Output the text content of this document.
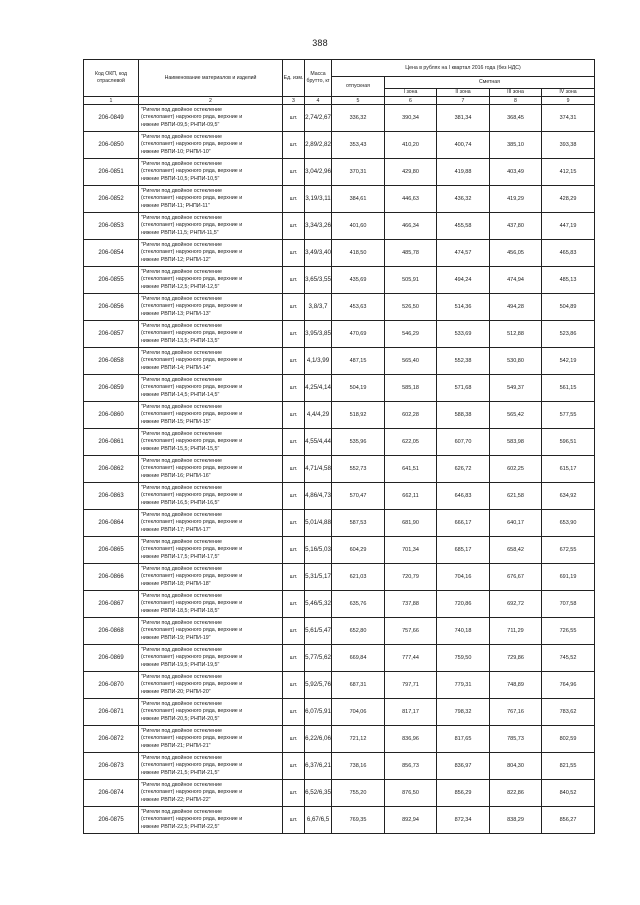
388
Код ОКП, код отраслевой	Наименование материалов и изделий	Ед. изм.	Масса брутто, кг	Цена в рублях на I квартал 2016 года (без НДС)				
				отпускная	Сметная			
					I зона	II зона	III зона	IV зона
1	2	3	4	5	6	7	8	9
206-0849	"Ригели под двойное остекление
(стеклопакет) наружного ряда, верхние и
нижние РВПИ-09,5; РНПИ-09,5"	шт.	2,74/2,67	336,32	390,34	381,34	368,45	374,31
206-0850	"Ригели под двойное остекление
(стеклопакет) наружного ряда, верхние и
нижние РВПИ-10; РНПИ-10"	шт.	2,89/2,82	353,43	410,20	400,74	385,10	393,38
206-0851	"Ригели под двойное остекление
(стеклопакет) наружного ряда, верхние и
нижние РВПИ-10,5; РНПИ-10,5"	шт.	3,04/2,96	370,31	429,80	419,88	403,49	412,15
206-0852	"Ригели под двойное остекление
(стеклопакет) наружного ряда, верхние и
нижние РВПИ-11; РНПИ-11"	шт.	3,19/3,11	384,61	446,63	436,32	419,29	428,29
206-0853	"Ригели под двойное остекление
(стеклопакет) наружного ряда, верхние и
нижние РВПИ-11,5; РНПИ-11,5"	шт.	3,34/3,26	401,60	466,34	455,58	437,80	447,19
206-0854	"Ригели под двойное остекление
(стеклопакет) наружного ряда, верхние и
нижние РВПИ-12; РНПИ-12"	шт.	3,49/3,40	418,50	485,78	474,57	456,05	465,83
206-0855	"Ригели под двойное остекление
(стеклопакет) наружного ряда, верхние и
нижние РВПИ-12,5; РНПИ-12,5"	шт.	3,65/3,55	435,69	505,91	494,24	474,94	485,13
206-0856	"Ригели под двойное остекление
(стеклопакет) наружного ряда, верхние и
нижние РВПИ-13; РНПИ-13"	шт.	3,8/3,7	453,63	526,50	514,36	494,28	504,89
206-0857	"Ригели под двойное остекление
(стеклопакет) наружного ряда, верхние и
нижние РВПИ-13,5; РНПИ-13,5"	шт.	3,95/3,85	470,69	546,29	533,69	512,88	523,86
206-0858	"Ригели под двойное остекление
(стеклопакет) наружного ряда, верхние и
нижние РВПИ-14; РНПИ-14"	шт.	4,1/3,99	487,15	565,40	552,38	530,80	542,19
206-0859	"Ригели под двойное остекление
(стеклопакет) наружного ряда, верхние и
нижние РВПИ-14,5; РНПИ-14,5"	шт.	4,25/4,14	504,19	585,18	571,68	549,37	561,15
206-0860	"Ригели под двойное остекление
(стеклопакет) наружного ряда, верхние и
нижние РВПИ-15; РНПИ-15"	шт.	4,4/4,29	518,92	602,28	588,38	565,42	577,55
206-0861	"Ригели под двойное остекление
(стеклопакет) наружного ряда, верхние и
нижние РВПИ-15,5; РНПИ-15,5"	шт.	4,55/4,44	535,96	622,05	607,70	583,98	596,51
206-0862	"Ригели под двойное остекление
(стеклопакет) наружного ряда, верхние и
нижние РВПИ-16; РНПИ-16"	шт.	4,71/4,58	552,73	641,51	626,72	602,25	615,17
206-0863	"Ригели под двойное остекление
(стеклопакет) наружного ряда, верхние и
нижние РВПИ-16,5; РНПИ-16,5"	шт.	4,86/4,73	570,47	662,11	646,83	621,58	634,92
206-0864	"Ригели под двойное остекление
(стеклопакет) наружного ряда, верхние и
нижние РВПИ-17; РНПИ-17"	шт.	5,01/4,88	587,53	681,90	666,17	640,17	653,90
206-0865	"Ригели под двойное остекление
(стеклопакет) наружного ряда, верхние и
нижние РВПИ-17,5; РНПИ-17,5"	шт.	5,16/5,03	604,29	701,34	685,17	658,42	672,55
206-0866	"Ригели под двойное остекление
(стеклопакет) наружного ряда, верхние и
нижние РВПИ-18; РНПИ-18"	шт.	5,31/5,17	621,03	720,79	704,16	676,67	691,19
206-0867	"Ригели под двойное остекление
(стеклопакет) наружного ряда, верхние и
нижние РВПИ-18,5; РНПИ-18,5"	шт.	5,46/5,32	635,76	737,88	720,86	692,72	707,58
206-0868	"Ригели под двойное остекление
(стеклопакет) наружного ряда, верхние и
нижние РВПИ-19; РНПИ-19"	шт.	5,61/5,47	652,80	757,66	740,18	711,29	726,55
206-0869	"Ригели под двойное остекление
(стеклопакет) наружного ряда, верхние и
нижние РВПИ-19,5; РНПИ-19,5"	шт.	5,77/5,62	669,84	777,44	759,50	729,86	745,52
206-0870	"Ригели под двойное остекление
(стеклопакет) наружного ряда, верхние и
нижние РВПИ-20; РНПИ-20"	шт.	5,92/5,76	687,31	797,71	779,31	748,89	764,96
206-0871	"Ригели под двойное остекление
(стеклопакет) наружного ряда, верхние и
нижние РВПИ-20,5; РНПИ-20,5"	шт.	6,07/5,91	704,06	817,17	798,32	767,16	783,62
206-0872	"Ригели под двойное остекление
(стеклопакет) наружного ряда, верхние и
нижние РВПИ-21; РНПИ-21"	шт.	6,22/6,06	721,12	836,96	817,65	785,73	802,59
206-0873	"Ригели под двойное остекление
(стеклопакет) наружного ряда, верхние и
нижние РВПИ-21,5; РНПИ-21,5"	шт.	6,37/6,21	738,16	856,73	836,97	804,30	821,55
206-0874	"Ригели под двойное остекление
(стеклопакет) наружного ряда, верхние и
нижние РВПИ-22; РНПИ-22"	шт.	6,52/6,35	755,20	876,50	856,29	822,86	840,52
206-0875	"Ригели под двойное остекление
(стеклопакет) наружного ряда, верхние и
нижние РВПИ-22,5; РНПИ-22,5"	шт.	6,67/6,5	769,35	892,94	872,34	838,29	856,27
